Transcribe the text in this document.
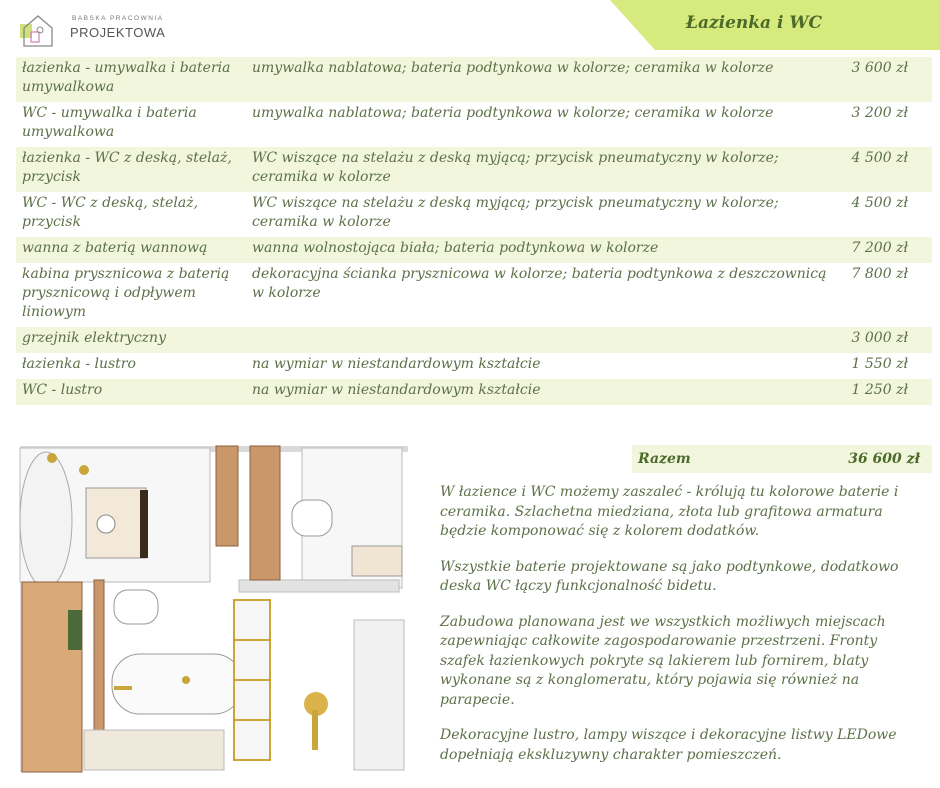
BABSKA PRACOWNIA
PROJEKTOWA	Łazienka i WC
łazienka - umywalka i bateria umywalkowa	umywalka nablatowa; bateria podtynkowa w kolorze; ceramika w kolorze	3 600 zł
WC - umywalka i bateria umywalkowa	umywalka nablatowa; bateria podtynkowa w kolorze; ceramika w kolorze	3 200 zł
łazienka - WC z deską, stelaż, przycisk	WC wiszące na stelażu z deską myjącą; przycisk pneumatyczny w kolorze; ceramika w kolorze	4 500 zł
WC - WC z deską, stelaż, przycisk	WC wiszące na stelażu z deską myjącą; przycisk pneumatyczny w kolorze; ceramika w kolorze	4 500 zł
wanna z baterią wannową	wanna wolnostojąca biała; bateria podtynkowa w kolorze	7 200 zł
kabina prysznicowa z baterią prysznicową i odpływem liniowym	dekoracyjna ścianka prysznicowa w kolorze; bateria podtynkowa z deszczownicą w kolorze	7 800 zł
grzejnik elektryczny		3 000 zł
łazienka - lustro	na wymiar w niestandardowym kształcie	1 550 zł
WC - lustro	na wymiar w niestandardowym kształcie	1 250 zł
Razem	36 600 zł

W łazience i WC możemy zaszaleć - królują tu kolorowe baterie i ceramika. Szlachetna miedziana, złota lub grafitowa armatura będzie komponować się z kolorem dodatków.

Wszystkie baterie projektowane są jako podtynkowe, dodatkowo deska WC łączy funkcjonalność bidetu.

Zabudowa planowana jest we wszystkich możliwych miejscach zapewniając całkowite zagospodarowanie przestrzeni. Fronty szafek łazienkowych pokryte są lakierem lub fornirem, blaty wykonane są z konglomeratu, który pojawia się również na parapecie.

Dekoracyjne lustro, lampy wiszące i dekoracyjne listwy LEDowe dopełniają ekskluzywny charakter pomieszczeń.
